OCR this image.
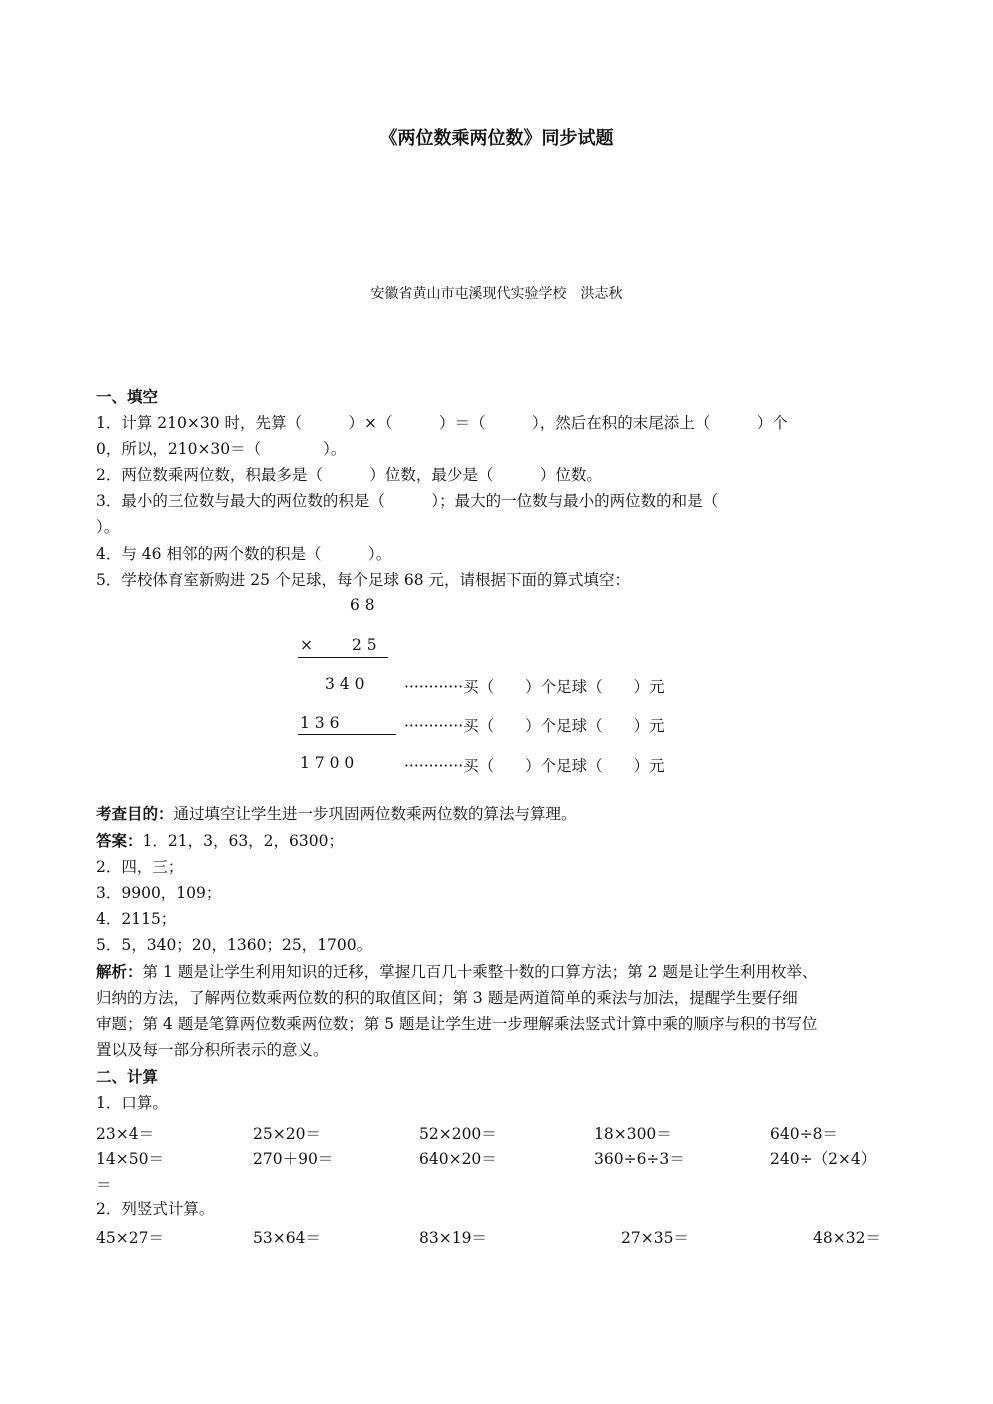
《两位数乘两位数》同步试题
安徽省黄山市屯溪现代实验学校　洪志秋
一、填空
1．计算 210×30 时，先算（　　　）×（　　　）＝（　　　），然后在积的末尾添上（　　　）个
0，所以，210×30＝（　　　　）。
2．两位数乘两位数，积最多是（　　　）位数，最少是（　　　）位数。
3．最小的三位数与最大的两位数的积是（　　　）；最大的一位数与最小的两位数的和是（
）。
4．与 46 相邻的两个数的积是（　　　）。
5．学校体育室新购进 25 个足球，每个足球 68 元，请根据下面的算式填空：
6 8
×	2 5
3 4 0	············买（　　）个足球（　　）元
1 3 6	············买（　　）个足球（　　）元
1 7 0 0	············买（　　）个足球（　　）元
考查目的：通过填空让学生进一步巩固两位数乘两位数的算法与算理。
答案：1．21，3，63，2，6300；
2．四，三；
3．9900，109；
4．2115；
5．5，340；20，1360；25，1700。
解析：第 1 题是让学生利用知识的迁移，掌握几百几十乘整十数的口算方法；第 2 题是让学生利用枚举、
归纳的方法，了解两位数乘两位数的积的取值区间；第 3 题是两道简单的乘法与加法，提醒学生要仔细
审题；第 4 题是笔算两位数乘两位数；第 5 题是让学生进一步理解乘法竖式计算中乘的顺序与积的书写位
置以及每一部分积所表示的意义。
二、计算
1．口算。
23×4＝	25×20＝	52×200＝	18×300＝	640÷8＝
14×50＝	270＋90＝	640×20＝	360÷6÷3＝	240÷（2×4）
＝
2．列竖式计算。
45×27＝	53×64＝	83×19＝	27×35＝	48×32＝
